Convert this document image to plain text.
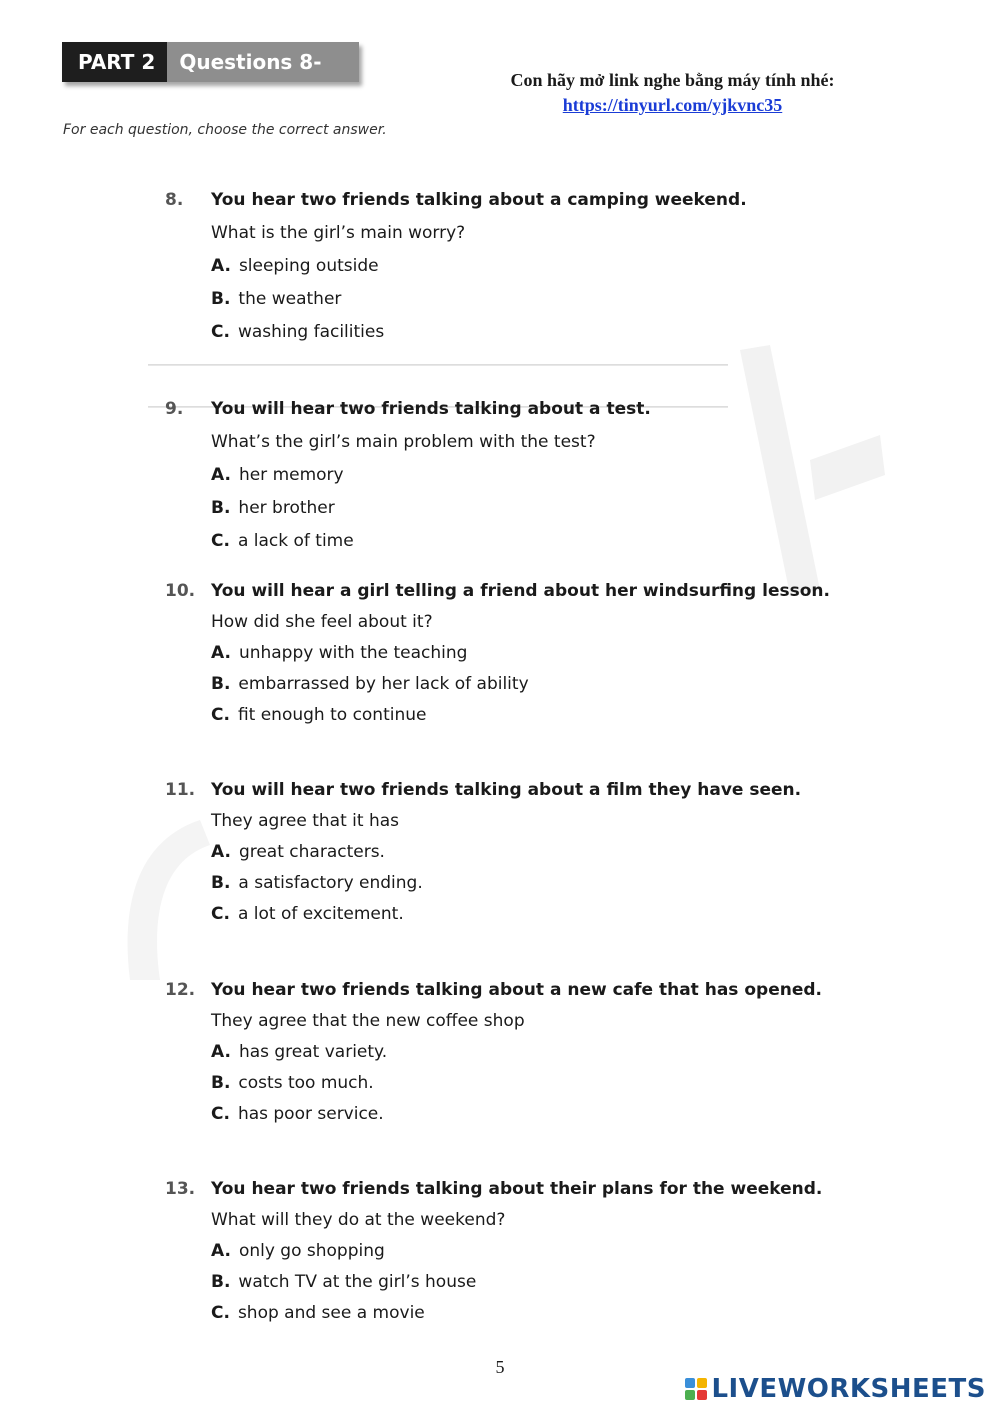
PART 2	Questions 8-13
Con hãy mở link nghe bằng máy tính nhé:
https://tinyurl.com/yjkvnc35
For each question, choose the correct answer.
8.	You hear two friends talking about a camping weekend.
What is the girl’s main worry?
A. sleeping outside
B. the weather
C. washing facilities
9.	You will hear two friends talking about a test.
What’s the girl’s main problem with the test?
A. her memory
B. her brother
C. a lack of time
10. You will hear a girl telling a friend about her windsurfing lesson.
How did she feel about it?
A. unhappy with the teaching
B. embarrassed by her lack of ability
C. fit enough to continue
11. You will hear two friends talking about a film they have seen.
They agree that it has
A. great characters.
B. a satisfactory ending.
C. a lot of excitement.
12. You hear two friends talking about a new cafe that has opened.
They agree that the new coffee shop
A. has great variety.
B. costs too much.
C. has poor service.
13. You hear two friends talking about their plans for the weekend.
What will they do at the weekend?
A. only go shopping
B. watch TV at the girl’s house
C. shop and see a movie
5
LIVEWORKSHEETS
